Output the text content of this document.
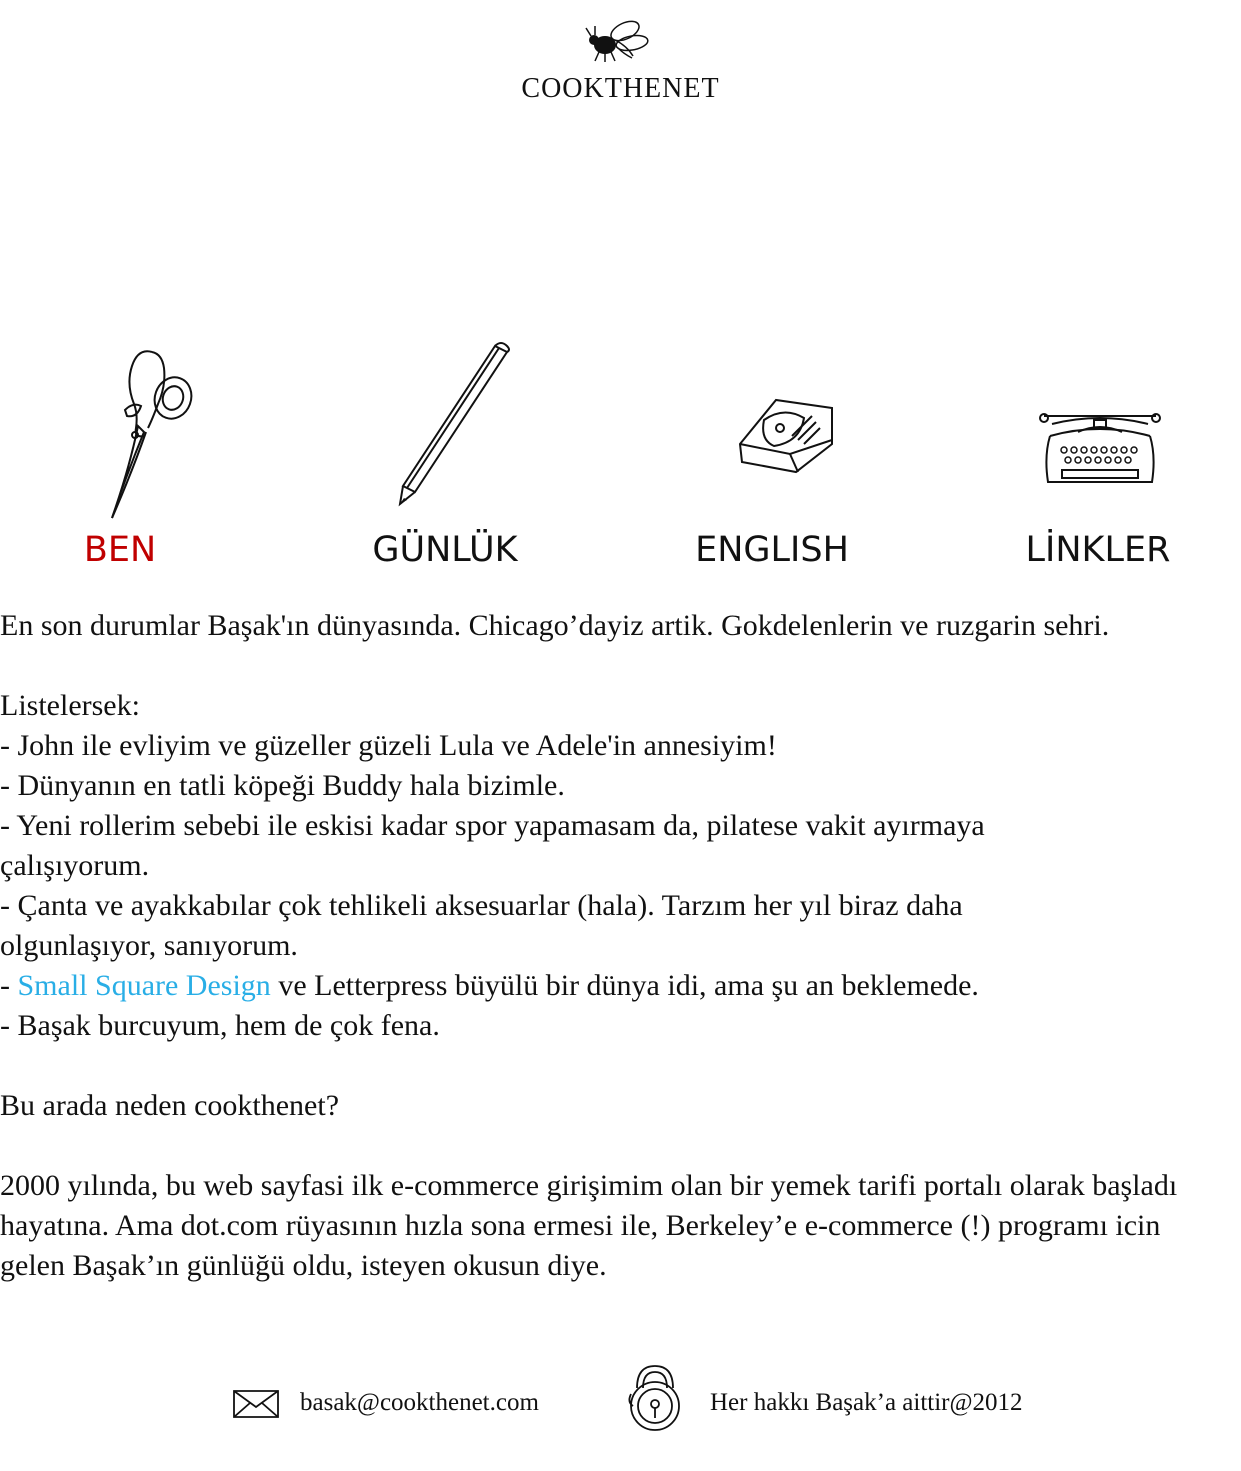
COOKTHENET
BEN	GÜNLÜK	ENGLISH	LİNKLER

En son durumlar Başak'ın dünyasında. Chicago’dayiz artik. Gokdelenlerin ve ruzgarin sehri.

Listelersek:

- John ile evliyim ve güzeller güzeli Lula ve Adele'in annesiyim!

- Dünyanın en tatli köpeği Buddy hala bizimle.

- Yeni rollerim sebebi ile eskisi kadar spor yapamasam da, pilatese vakit ayırmaya çalışıyorum.

- Çanta ve ayakkabılar çok tehlikeli aksesuarlar (hala). Tarzım her yıl biraz daha olgunlaşıyor, sanıyorum.

- Small Square Design ve Letterpress büyülü bir dünya idi, ama şu an beklemede.

- Başak burcuyum, hem de çok fena.

Bu arada neden cookthenet?

2000 yılında, bu web sayfasi ilk e-commerce girişimim olan bir yemek tarifi portalı olarak başladı hayatına. Ama dot.com rüyasının hızla sona ermesi ile, Berkeley’e e-commerce (!) programı icin gelen Başak’ın günlüğü oldu, isteyen okusun diye.

basak@cookthenet.com	Her hakkı Başak’a aittir@2012
